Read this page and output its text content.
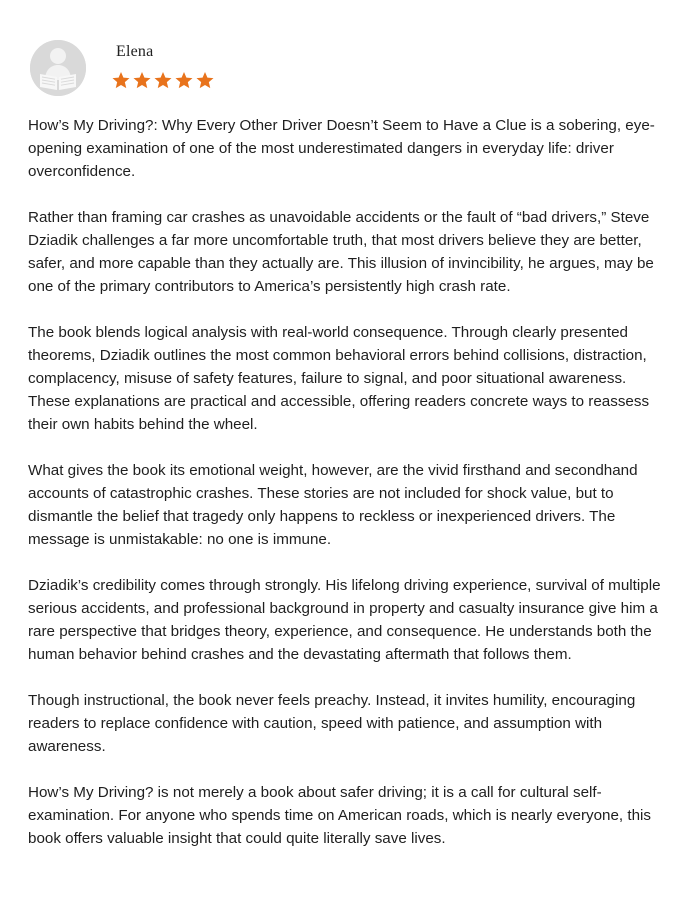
Elena

How’s My Driving?: Why Every Other Driver Doesn’t Seem to Have a Clue is a sobering, eye-opening examination of one of the most underestimated dangers in everyday life: driver overconfidence.

Rather than framing car crashes as unavoidable accidents or the fault of “bad drivers,” Steve Dziadik challenges a far more uncomfortable truth, that most drivers believe they are better, safer, and more capable than they actually are. This illusion of invincibility, he argues, may be one of the primary contributors to America’s persistently high crash rate.

The book blends logical analysis with real-world consequence. Through clearly presented theorems, Dziadik outlines the most common behavioral errors behind collisions, distraction, complacency, misuse of safety features, failure to signal, and poor situational awareness. These explanations are practical and accessible, offering readers concrete ways to reassess their own habits behind the wheel.

What gives the book its emotional weight, however, are the vivid firsthand and secondhand accounts of catastrophic crashes. These stories are not included for shock value, but to dismantle the belief that tragedy only happens to reckless or inexperienced drivers. The message is unmistakable: no one is immune.

Dziadik’s credibility comes through strongly. His lifelong driving experience, survival of multiple serious accidents, and professional background in property and casualty insurance give him a rare perspective that bridges theory, experience, and consequence. He understands both the human behavior behind crashes and the devastating aftermath that follows them.

Though instructional, the book never feels preachy. Instead, it invites humility, encouraging readers to replace confidence with caution, speed with patience, and assumption with awareness.

How’s My Driving? is not merely a book about safer driving; it is a call for cultural self-examination. For anyone who spends time on American roads, which is nearly everyone, this book offers valuable insight that could quite literally save lives.
